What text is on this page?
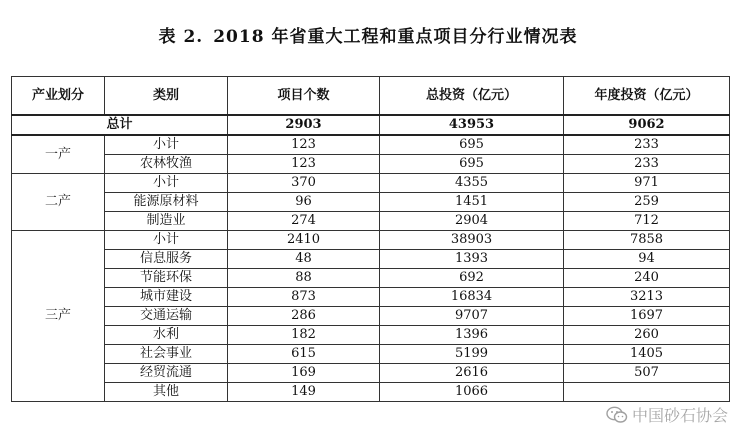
表 2. 2018 年省重大工程和重点项目分行业情况表
产业划分	类别	项目个数	总投资（亿元）	年度投资（亿元）
总计		2903	43953	9062
一产	小计	123	695	233
	农林牧渔	123	695	233
二产	小计	370	4355	971
	能源原材料	96	1451	259
	制造业	274	2904	712
三产	小计	2410	38903	7858
	信息服务	48	1393	94
	节能环保	88	692	240
	城市建设	873	16834	3213
	交通运输	286	9707	1697
	水利	182	1396	260
	社会事业	615	5199	1405
	经贸流通	169	2616	507
	其他	149	1066	
中国砂石协会
